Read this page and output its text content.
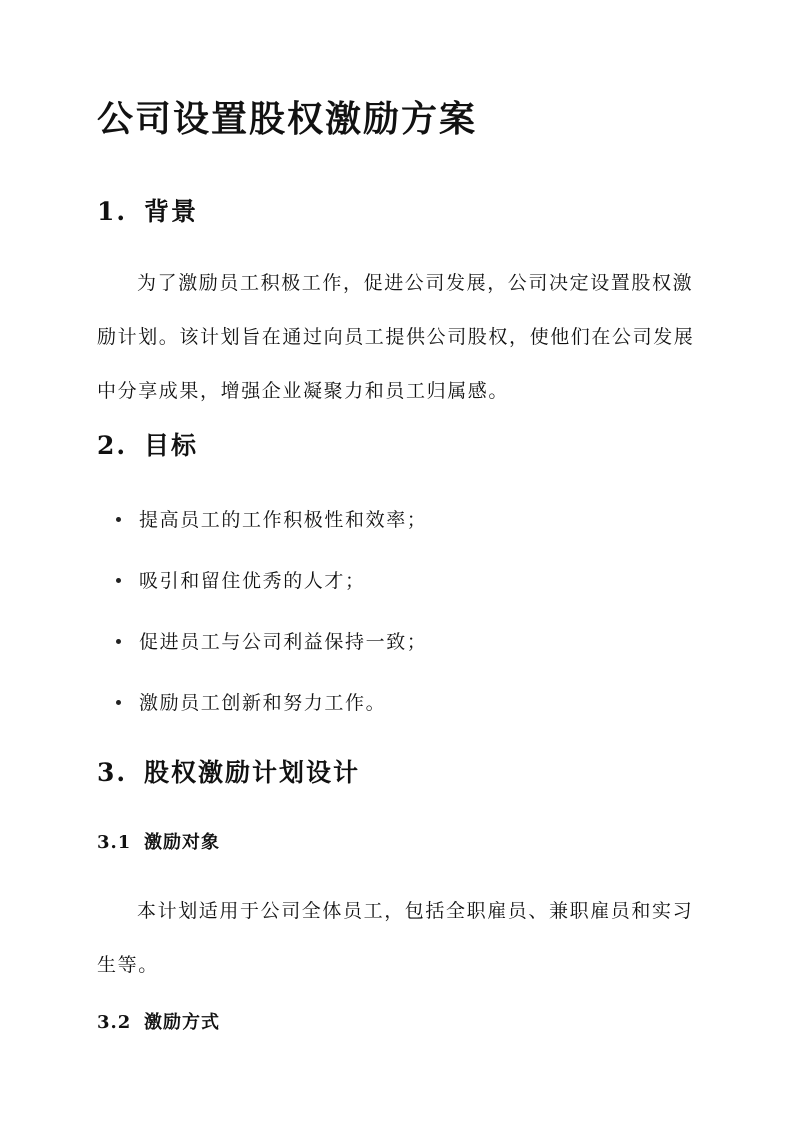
公司设置股权激励方案
1. 背景

为了激励员工积极工作，促进公司发展，公司决定设置股权激励计划。该计划旨在通过向员工提供公司股权，使他们在公司发展中分享成果，增强企业凝聚力和员工归属感。

2. 目标
提高员工的工作积极性和效率；
吸引和留住优秀的人才；
促进员工与公司利益保持一致；
激励员工创新和努力工作。
3. 股权激励计划设计
3.1 激励对象

本计划适用于公司全体员工，包括全职雇员、兼职雇员和实习生等。

3.2 激励方式
